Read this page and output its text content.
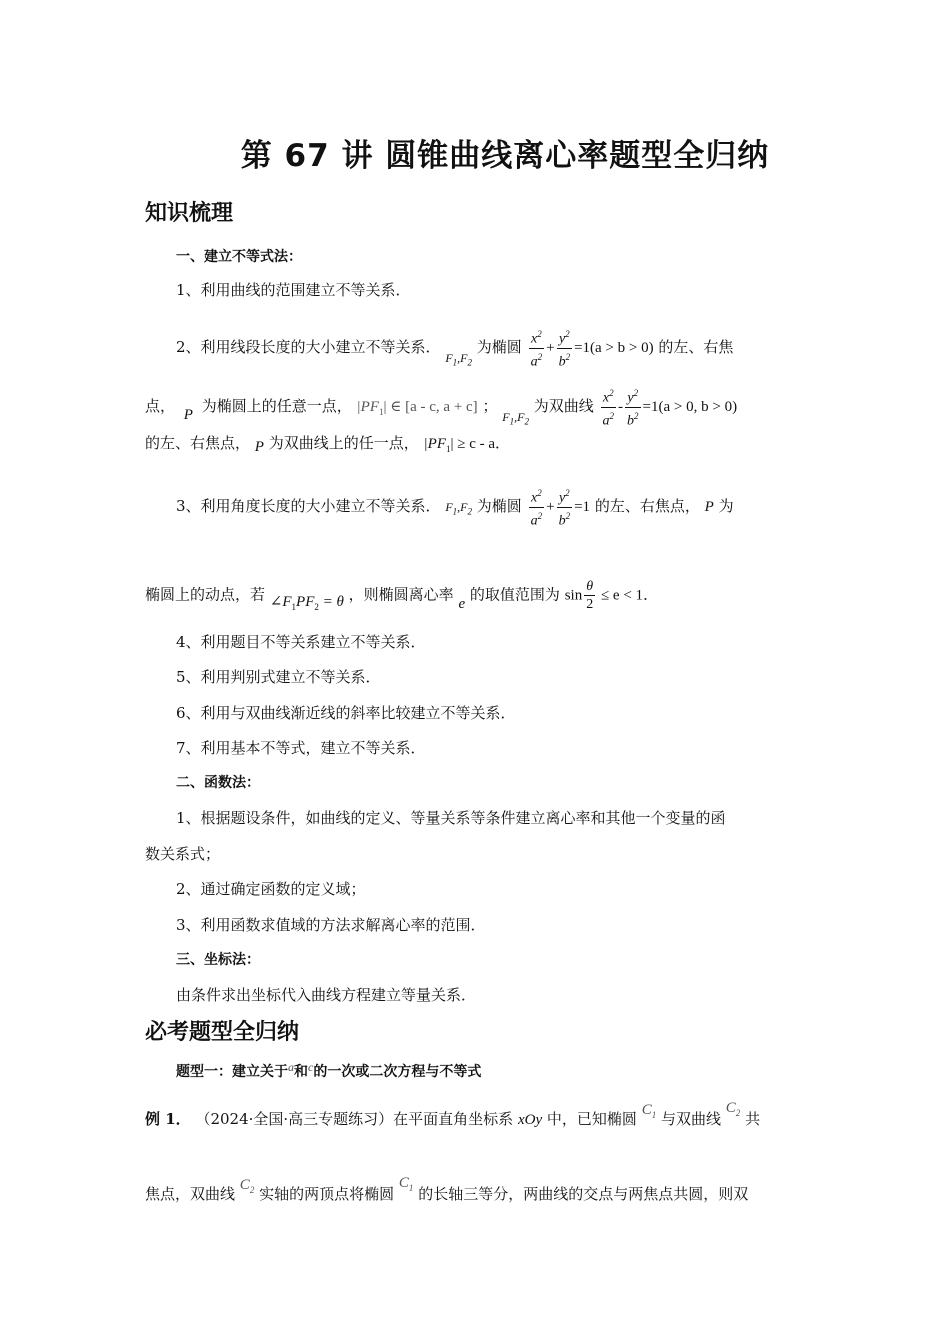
第 67 讲 圆锥曲线离心率题型全归纳
知识梳理
一、建立不等式法：
1、利用曲线的范围建立不等关系．
2、利用线段长度的大小建立不等关系． $_{F_1,F_2}$ 为椭圆 $\frac{x^2}{a^2} + \frac{y^2}{b^2} =1(a > b > 0)$ 的左、右焦
点， P 为椭圆上的任意一点， $|PF_1|$ ∈ [a - c, a + c] ； $_{F_1,F_2}$ 为双曲线 $\frac{x^2}{a^2} - \frac{y^2}{b^2} =1(a > 0$, b > 0)
的左、右焦点， P 为双曲线上的任一点， $|PF_1| \ge c - a$．
3、利用角度长度的大小建立不等关系． $F_1,F_2$ 为椭圆 $\frac{x^2}{a^2} + \frac{y^2}{b^2} =1$ 的左、右焦点， P 为
椭圆上的动点，若 $\angle F_1PF_2 = \theta$ ，则椭圆离心率 e 的取值范围为 $\sin \frac{\theta}{2} \le e < 1$．
4、利用题目不等关系建立不等关系．
5、利用判别式建立不等关系．
6、利用与双曲线渐近线的斜率比较建立不等关系．
7、利用基本不等式，建立不等关系．
二、函数法：
1、根据题设条件，如曲线的定义、等量关系等条件建立离心率和其他一个变量的函
数关系式；
2、通过确定函数的定义域；
3、利用函数求值域的方法求解离心率的范围．
三、坐标法：
由条件求出坐标代入曲线方程建立等量关系．
必考题型全归纳
题型一：建立关于a和c的一次或二次方程与不等式
例 1． （2024·全国·高三专题练习）在平面直角坐标系 xOy 中，已知椭圆 $C_1$ 与双曲线 $C_2$ 共
焦点，双曲线 $C_2$ 实轴的两顶点将椭圆 $C_1$ 的长轴三等分，两曲线的交点与两焦点共圆，则双
